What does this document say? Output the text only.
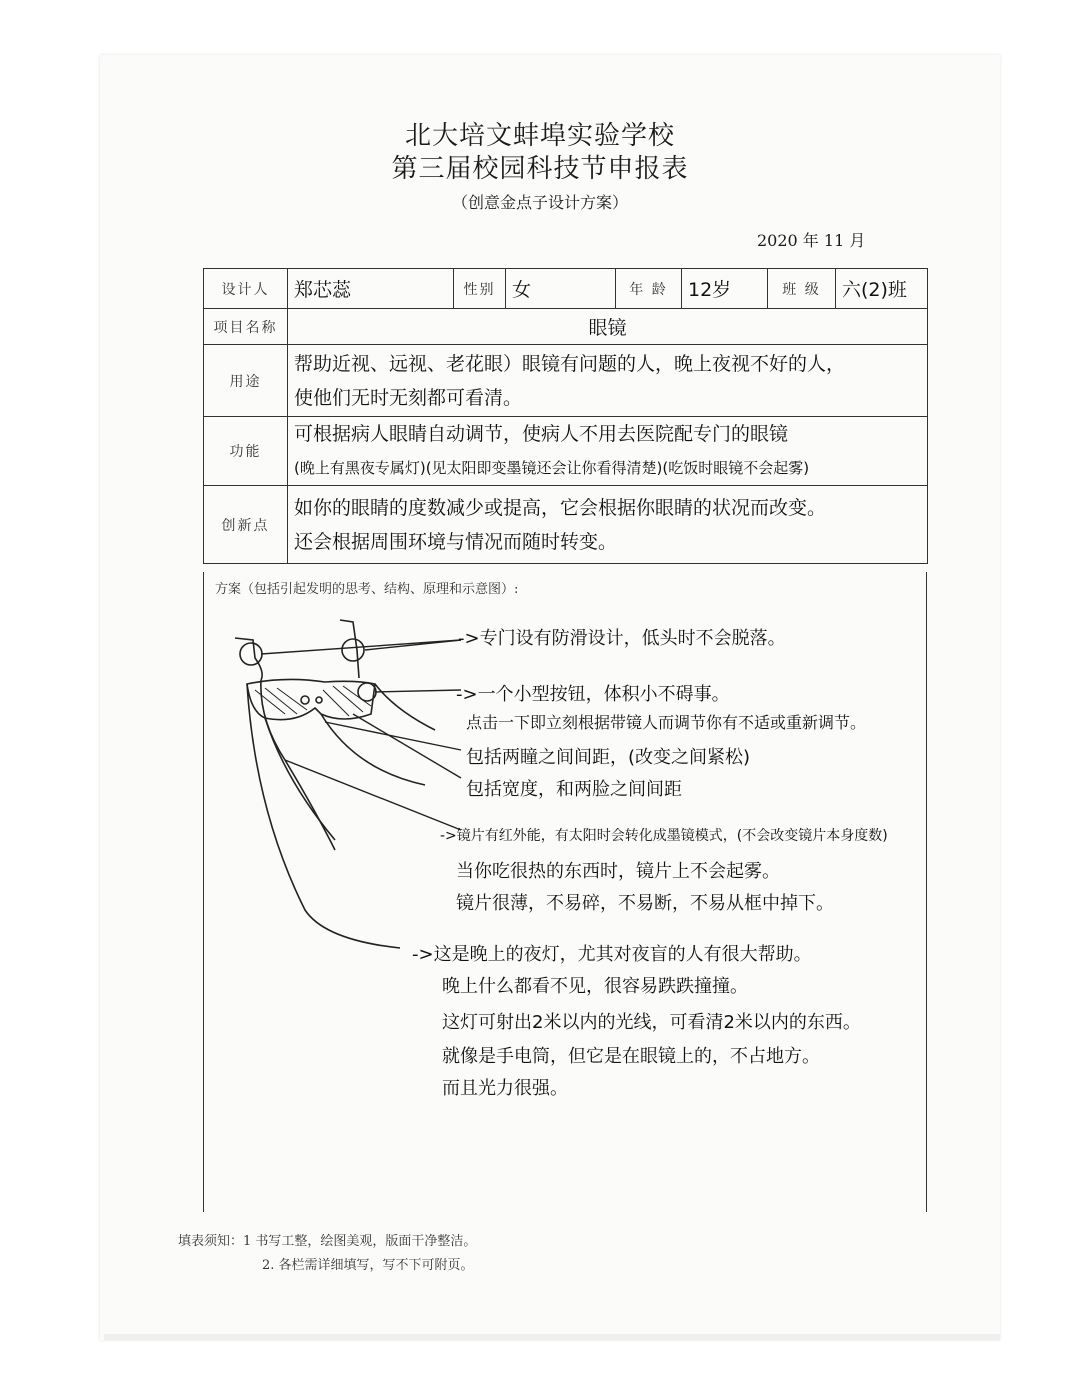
北大培文蚌埠实验学校
第三届校园科技节申报表
（创意金点子设计方案）
2020 年 11 月
设计人	郑芯蕊	性别	女	年 龄	12岁	班 级	六(2)班
项目名称	眼镜						
用途	帮助近视、远视、老花眼）眼镜有问题的人，晚上夜视不好的人，
使他们无时无刻都可看清。						

功能	可根据病人眼睛自动调节，使病人不用去医院配专门的眼镜
(晚上有黑夜专属灯)(见太阳即变墨镜还会让你看得清楚)(吃饭时眼镜不会起雾)						

创新点	如你的眼睛的度数减少或提高，它会根据你眼睛的状况而改变。
还会根据周围环境与情况而随时转变。						
方案（包括引起发明的思考、结构、原理和示意图）:
->专门设有防滑设计，低头时不会脱落。
->一个小型按钮，体积小不碍事。
点击一下即立刻根据带镜人而调节你有不适或重新调节。
包括两瞳之间间距，(改变之间紧松)
包括宽度，和两脸之间间距
->镜片有红外能，有太阳时会转化成墨镜模式，(不会改变镜片本身度数)
当你吃很热的东西时，镜片上不会起雾。
镜片很薄，不易碎，不易断，不易从框中掉下。
->这是晚上的夜灯，尤其对夜盲的人有很大帮助。
晚上什么都看不见，很容易跌跌撞撞。
这灯可射出2米以内的光线，可看清2米以内的东西。
就像是手电筒，但它是在眼镜上的，不占地方。
而且光力很强。
填表须知：1 书写工整，绘图美观，版面干净整洁。
2. 各栏需详细填写，写不下可附页。
